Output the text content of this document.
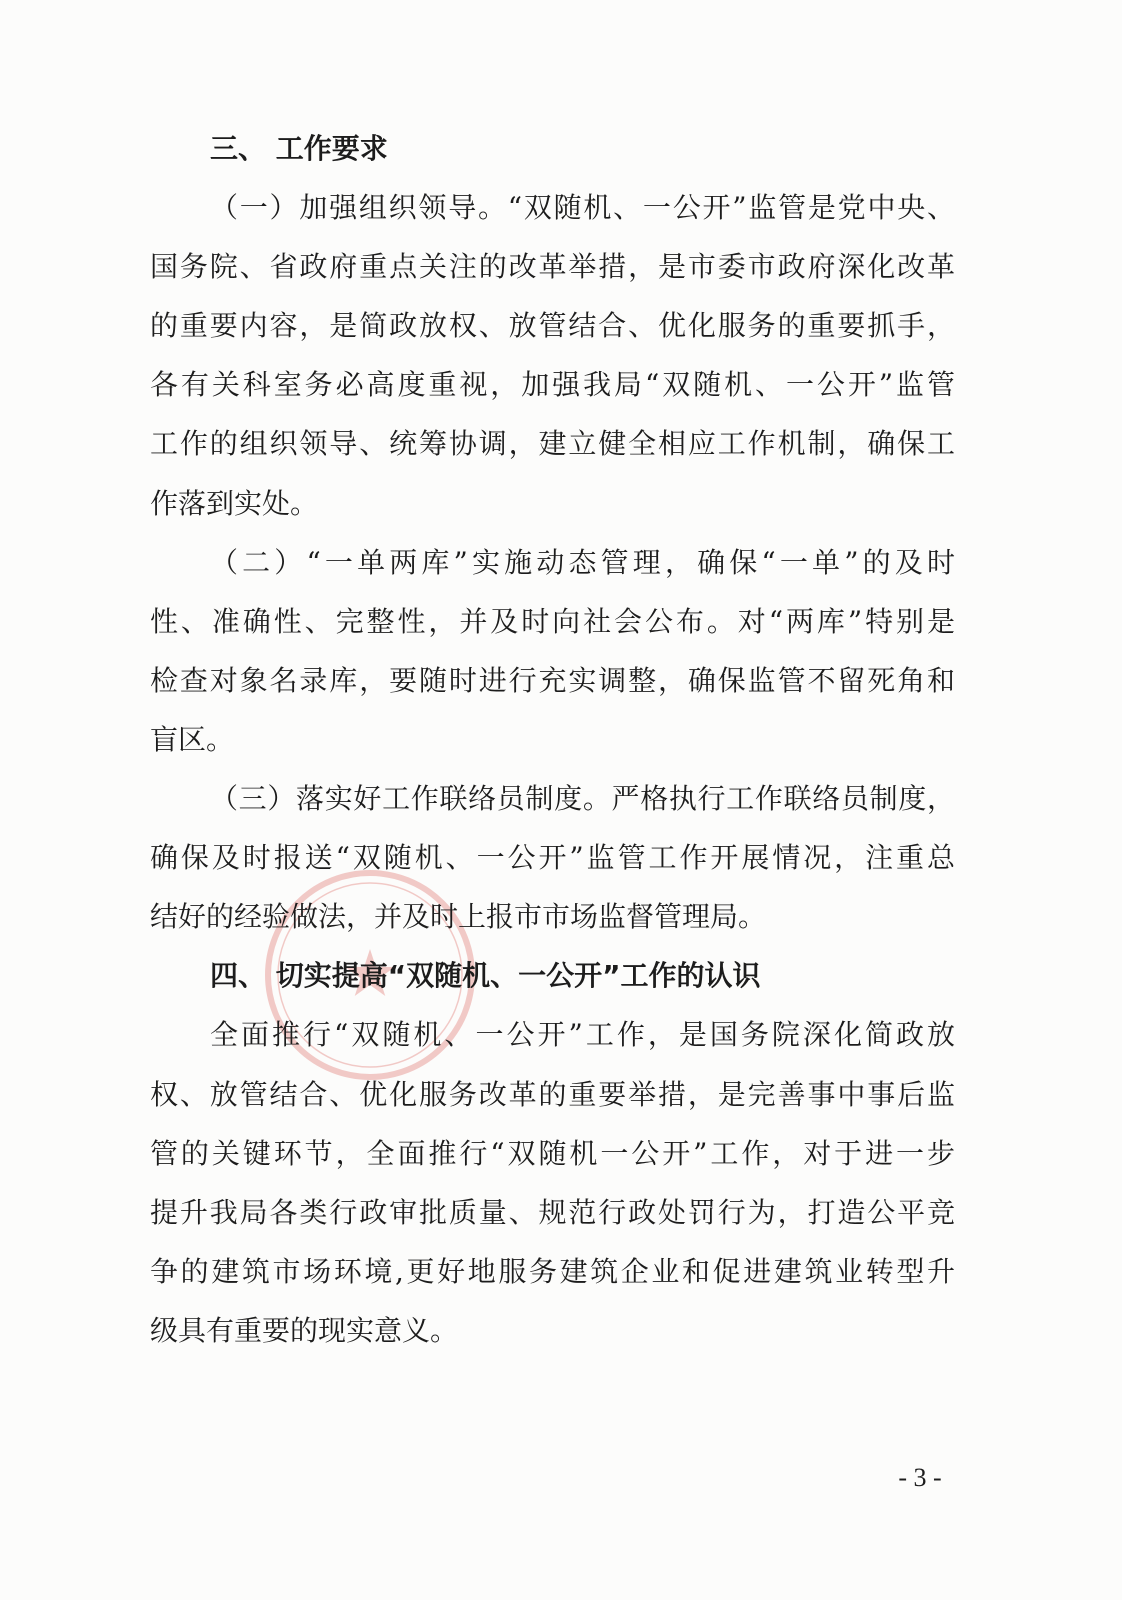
三、 工作要求
（一）加强组织领导。“双随机、一公开”监管是党中央、
国务院、省政府重点关注的改革举措，是市委市政府深化改革
的重要内容，是简政放权、放管结合、优化服务的重要抓手，
各有关科室务必高度重视，加强我局“双随机、一公开”监管
工作的组织领导、统筹协调，建立健全相应工作机制，确保工
作落到实处。
（二）“一单两库”实施动态管理，确保“一单”的及时
性、准确性、完整性，并及时向社会公布。对“两库”特别是
检查对象名录库，要随时进行充实调整，确保监管不留死角和
盲区。
（三）落实好工作联络员制度。严格执行工作联络员制度，
确保及时报送“双随机、一公开”监管工作开展情况，注重总
结好的经验做法，并及时上报市市场监督管理局。
四、 切实提高“双随机、一公开”工作的认识
全面推行“双随机、一公开”工作，是国务院深化简政放
权、放管结合、优化服务改革的重要举措，是完善事中事后监
管的关键环节，全面推行“双随机一公开”工作，对于进一步
提升我局各类行政审批质量、规范行政处罚行为，打造公平竞
争的建筑市场环境,更好地服务建筑企业和促进建筑业转型升
级具有重要的现实意义。
- 3 -
